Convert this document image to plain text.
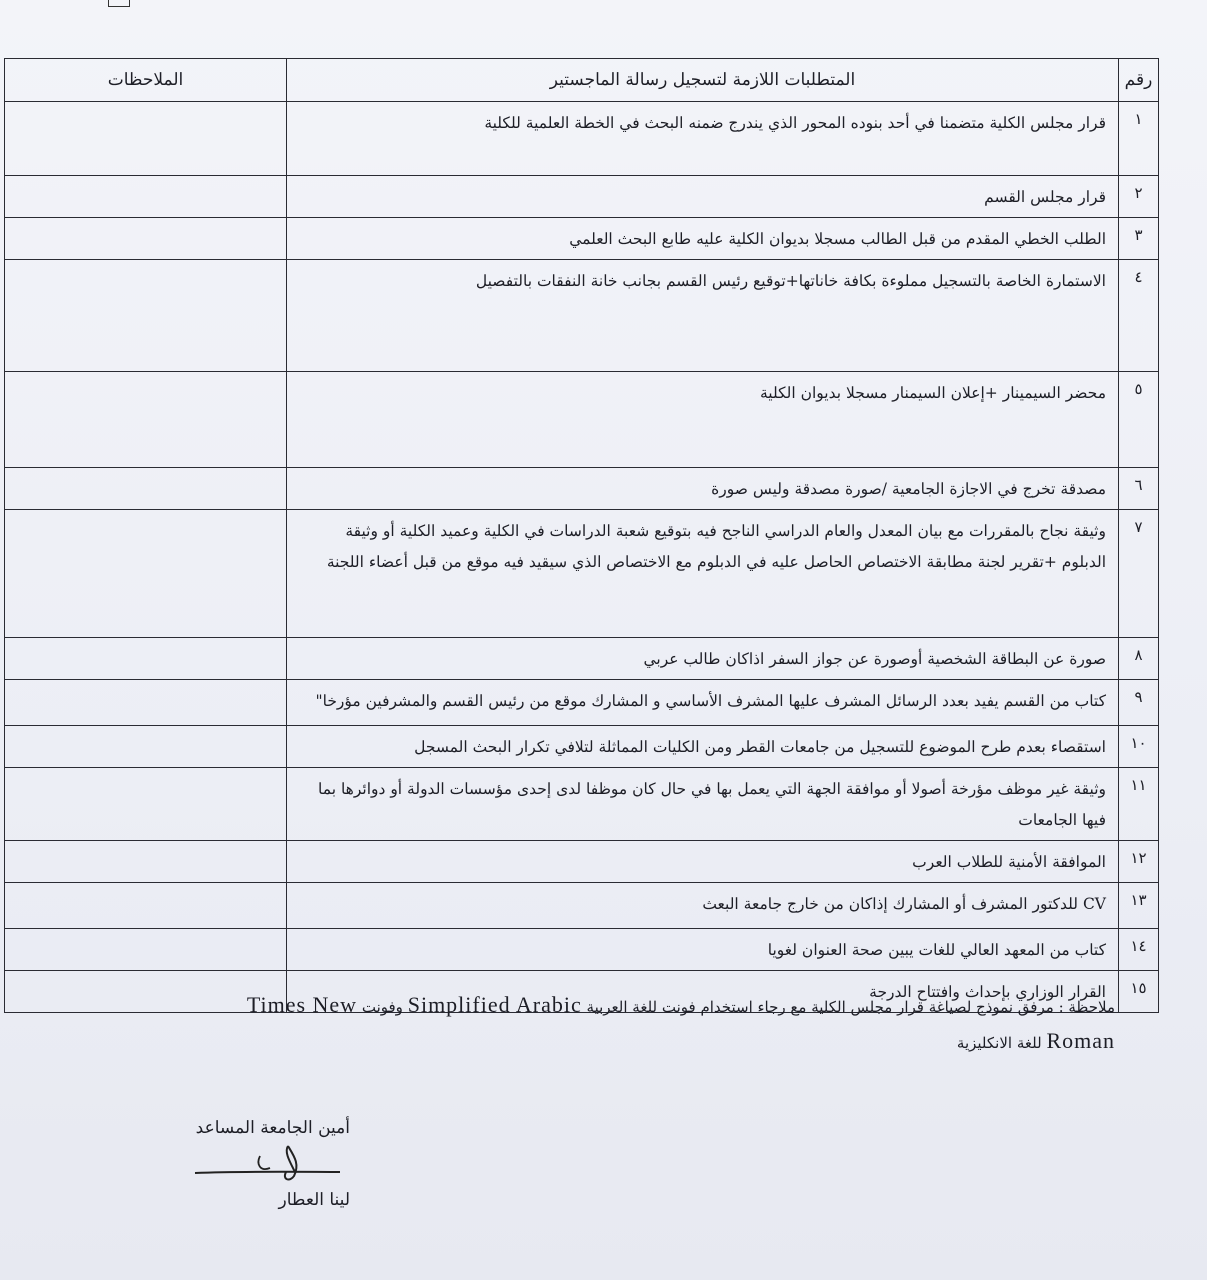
رقم	المتطلبات اللازمة لتسجيل رسالة الماجستير	الملاحظات
١	قرار مجلس الكلية متضمنا في أحد بنوده المحور الذي يندرج ضمنه البحث في الخطة العلمية للكلية	
٢	قرار مجلس القسم	
٣	الطلب الخطي المقدم من قبل الطالب مسجلا بديوان الكلية عليه طابع البحث العلمي	
٤	الاستمارة الخاصة بالتسجيل مملوءة بكافة خاناتها+توقيع رئيس القسم بجانب خانة النفقات بالتفصيل	
٥	محضر السيمينار +إعلان السيمنار مسجلا بديوان الكلية	
٦	مصدقة تخرج في الاجازة الجامعية /صورة مصدقة وليس صورة	
٧	وثيقة نجاح بالمقررات مع بيان المعدل والعام الدراسي الناجح فيه بتوقيع شعبة الدراسات في الكلية وعميد الكلية أو وثيقة الدبلوم +تقرير لجنة مطابقة الاختصاص الحاصل عليه في الدبلوم مع الاختصاص الذي سيقيد فيه موقع من قبل أعضاء اللجنة	
٨	صورة عن البطاقة الشخصية أوصورة عن جواز السفر اذاكان طالب عربي	
٩	كتاب من القسم يفيد بعدد الرسائل المشرف عليها المشرف الأساسي و المشارك موقع من رئيس القسم والمشرفين مؤرخا"	
١٠	استقصاء بعدم طرح الموضوع للتسجيل من جامعات القطر ومن الكليات المماثلة لتلافي تكرار البحث المسجل	
١١	وثيقة غير موظف مؤرخة أصولا أو موافقة الجهة التي يعمل بها في حال كان موظفا لدى إحدى مؤسسات الدولة أو دوائرها بما فيها الجامعات	
١٢	الموافقة الأمنية للطلاب العرب	
١٣	CV للدكتور المشرف أو المشارك إذاكان من خارج جامعة البعث	
١٤	كتاب من المعهد العالي للغات يبين صحة العنوان لغويا	
١٥	القرار الوزاري بإحداث وافتتاح الدرجة	
ملاحظة : مرفق نموذج لصياغة قرار مجلس الكلية مع رجاء استخدام فونت للغة العربية Simplified Arabic وفونت Times New
Roman للغة الانكليزية
أمين الجامعة المساعد
لينا العطار
